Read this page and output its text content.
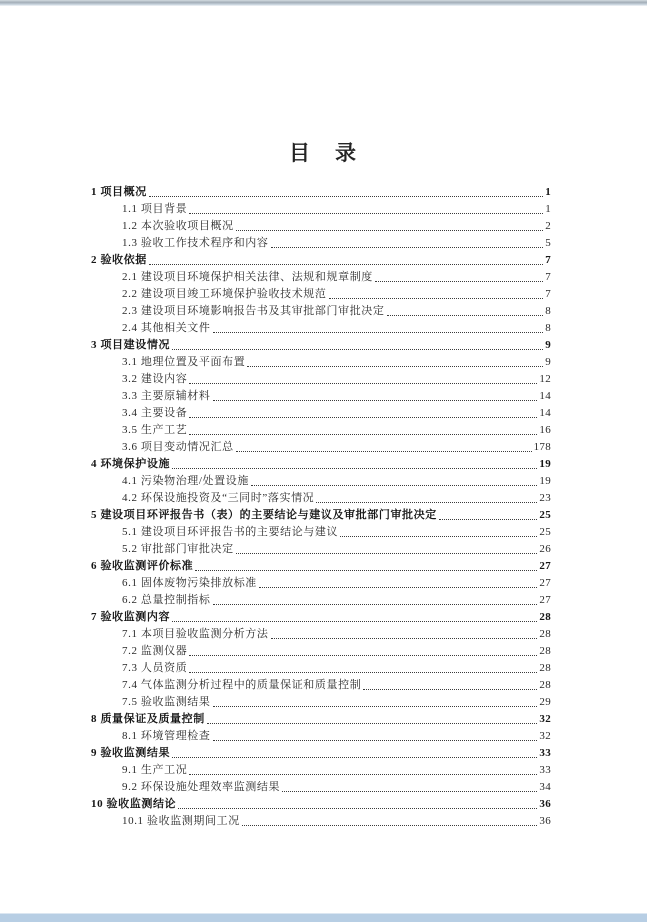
目　录
1 项目概况	1
1.1 项目背景	1
1.2 本次验收项目概况	2
1.3 验收工作技术程序和内容	5
2 验收依据	7
2.1 建设项目环境保护相关法律、法规和规章制度	7
2.2 建设项目竣工环境保护验收技术规范	7
2.3 建设项目环境影响报告书及其审批部门审批决定	8
2.4 其他相关文件	8
3 项目建设情况	9
3.1 地理位置及平面布置	9
3.2 建设内容	12
3.3 主要原辅材料	14
3.4 主要设备	14
3.5 生产工艺	16
3.6 项目变动情况汇总	178
4 环境保护设施	19
4.1 污染物治理/处置设施	19
4.2 环保设施投资及“三同时”落实情况	23
5 建设项目环评报告书（表）的主要结论与建议及审批部门审批决定	25
5.1 建设项目环评报告书的主要结论与建议	25
5.2 审批部门审批决定	26
6 验收监测评价标准	27
6.1 固体废物污染排放标准	27
6.2 总量控制指标	27
7 验收监测内容	28
7.1 本项目验收监测分析方法	28
7.2 监测仪器	28
7.3 人员资质	28
7.4 气体监测分析过程中的质量保证和质量控制	28
7.5 验收监测结果	29
8 质量保证及质量控制	32
8.1 环境管理检查	32
9 验收监测结果	33
9.1 生产工况	33
9.2 环保设施处理效率监测结果	34
10 验收监测结论	36
10.1 验收监测期间工况	36
